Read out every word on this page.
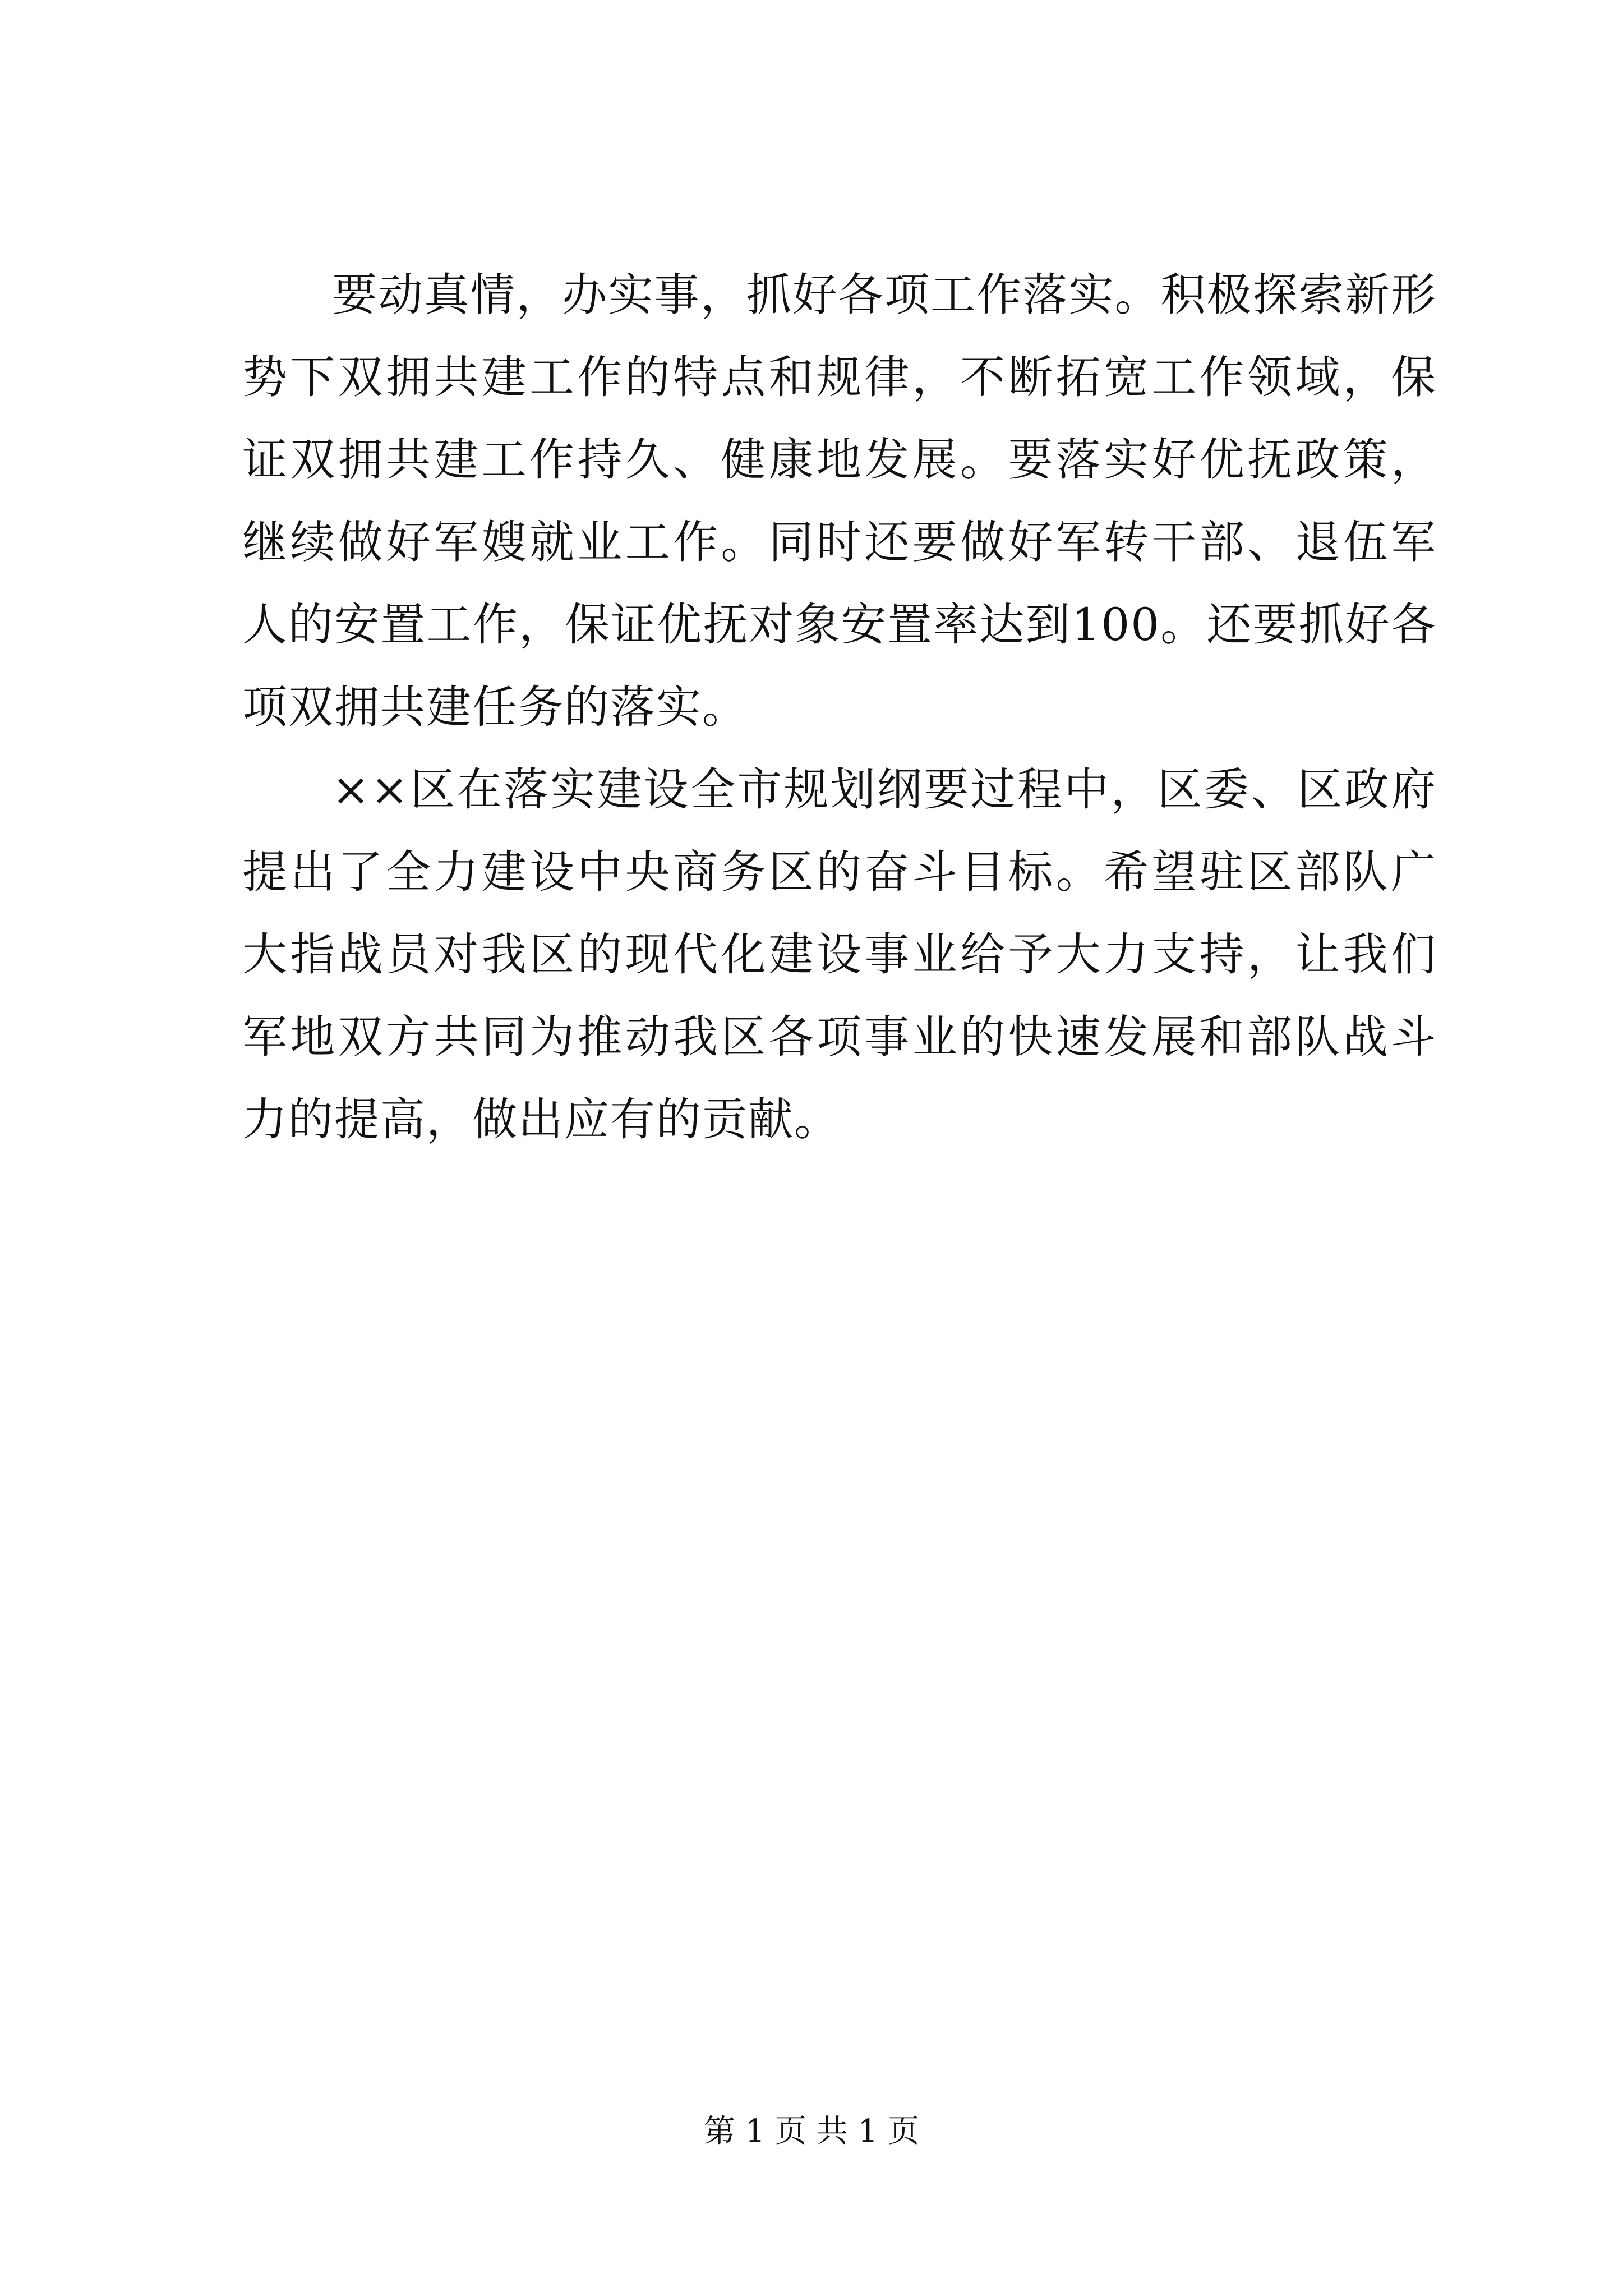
要动真情，办实事，抓好各项工作落实。积极探索新形势下双拥共建工作的特点和规律，不断拓宽工作领域，保证双拥共建工作持久、健康地发展。要落实好优抚政策，继续做好军嫂就业工作。同时还要做好军转干部、退伍军人的安置工作，保证优抚对象安置率达到100。还要抓好各项双拥共建任务的落实。

××区在落实建设全市规划纲要过程中，区委、区政府提出了全力建设中央商务区的奋斗目标。希望驻区部队广大指战员对我区的现代化建设事业给予大力支持，让我们军地双方共同为推动我区各项事业的快速发展和部队战斗力的提高，做出应有的贡献。

第 1 页 共 1 页
